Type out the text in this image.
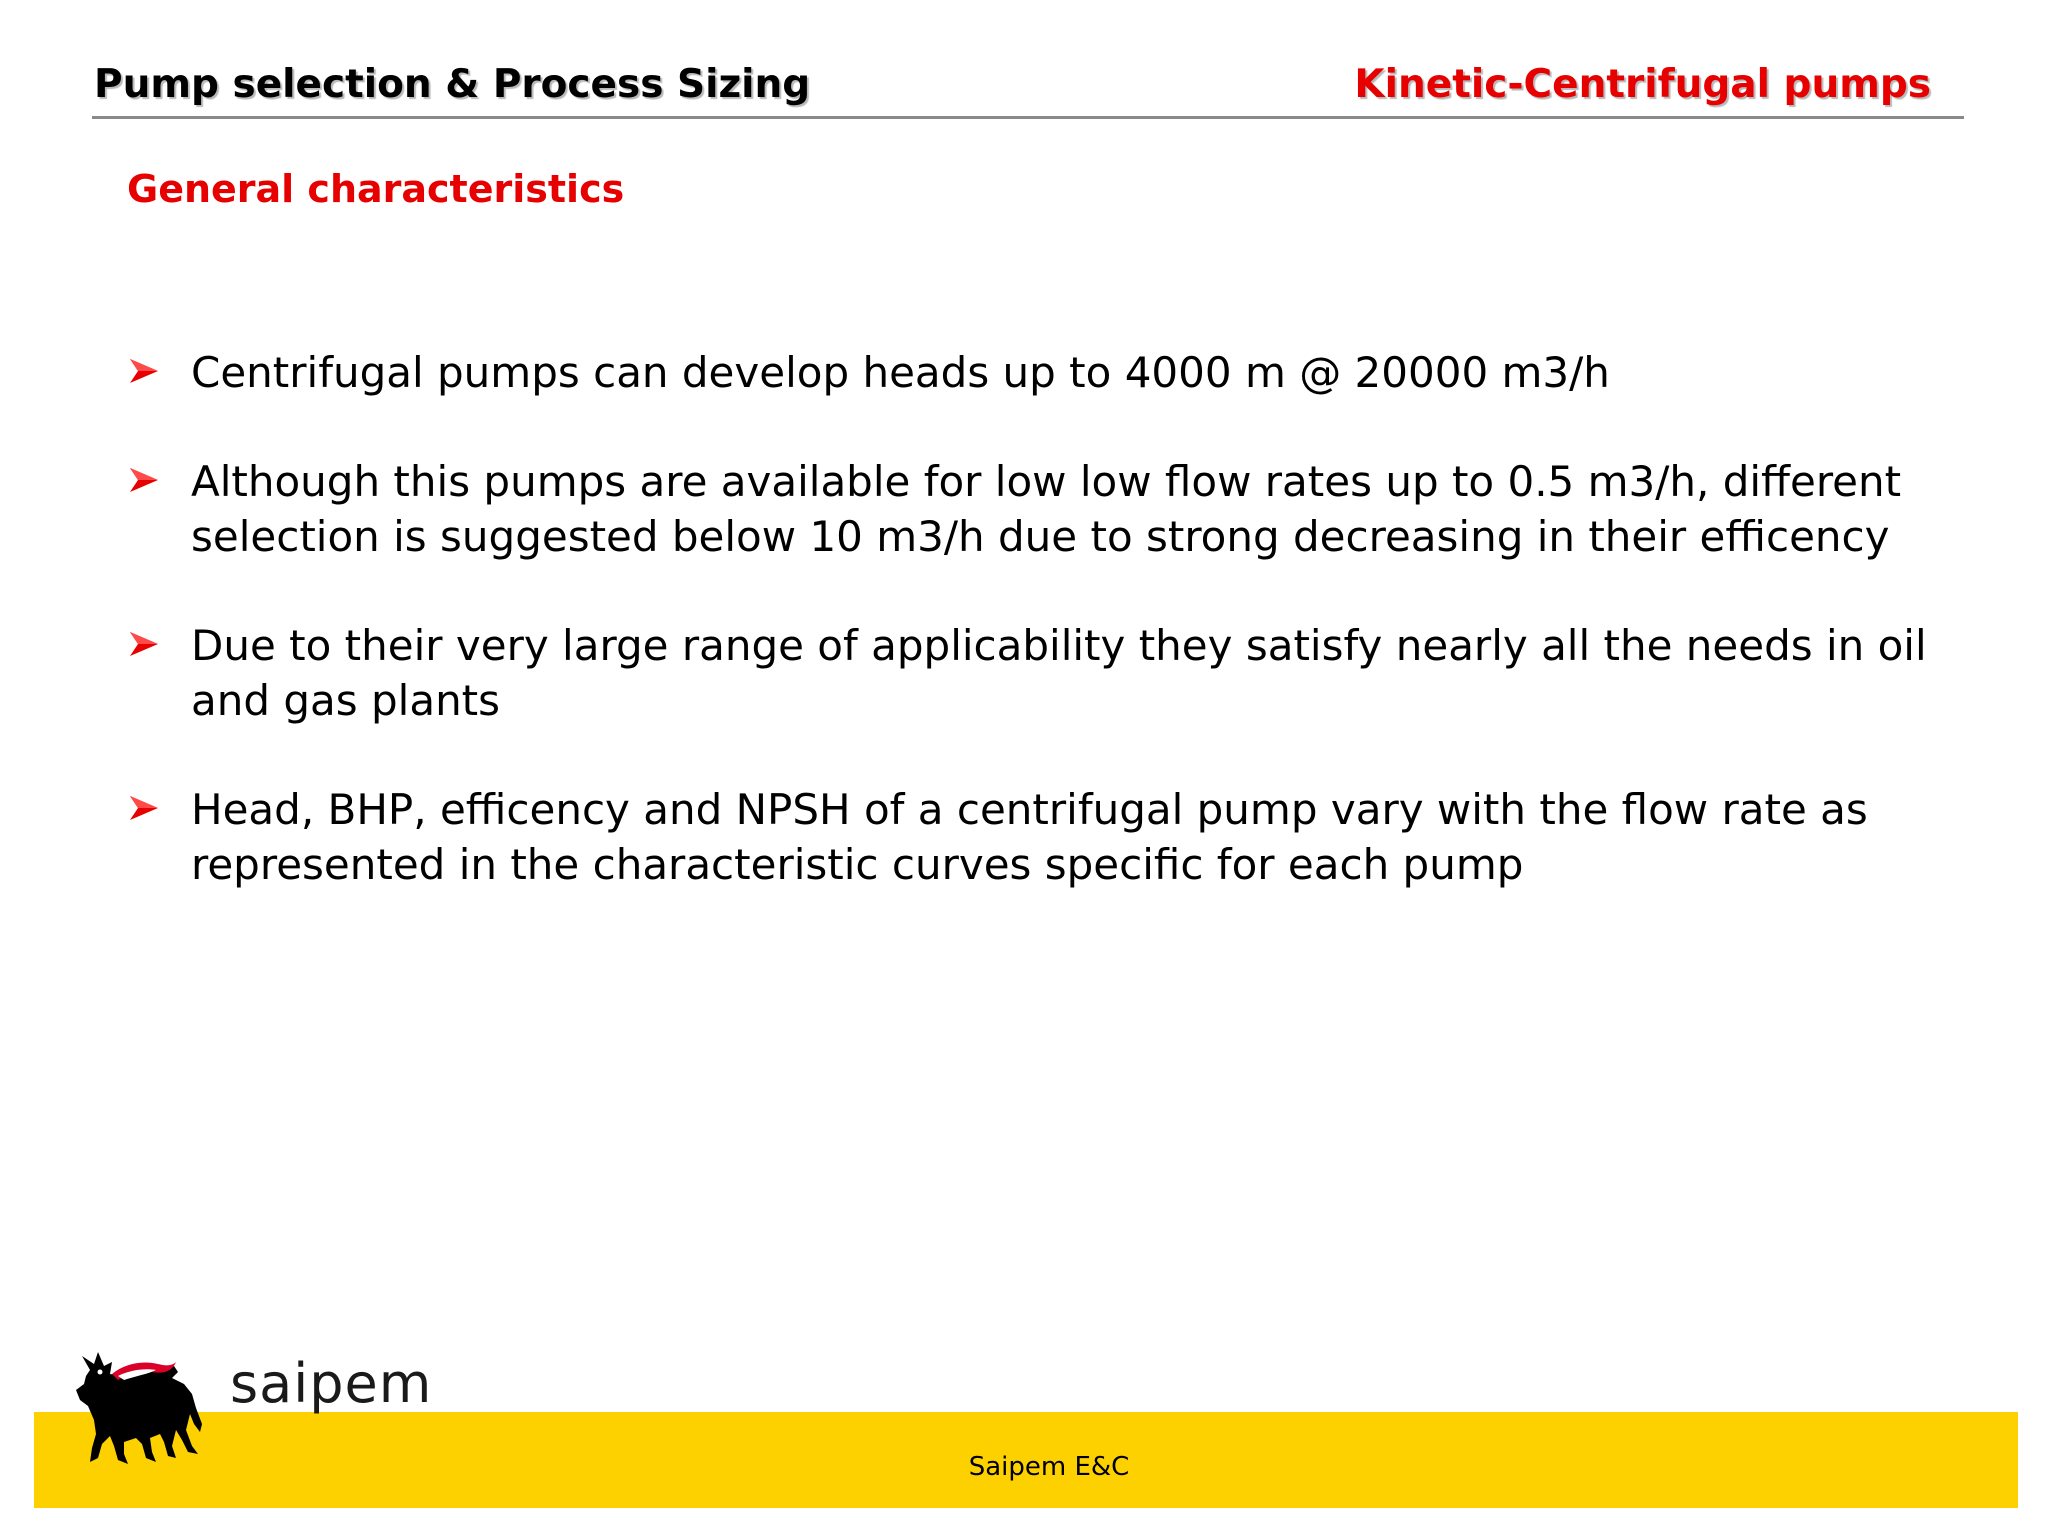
Pump selection & Process Sizing	Kinetic-Centrifugal pumps
General characteristics
Centrifugal pumps can develop heads up to 4000 m @ 20000 m3/h
Although this pumps are available for low low flow rates up to 0.5 m3/h, different selection is suggested below 10 m3/h due to strong decreasing in their efficency
Due to their very large range of applicability they satisfy nearly all the needs in oil and gas plants
Head, BHP, efficency and NPSH of a centrifugal pump vary with the flow rate as represented in the characteristic curves specific for each pump
saipem
Saipem E&C
